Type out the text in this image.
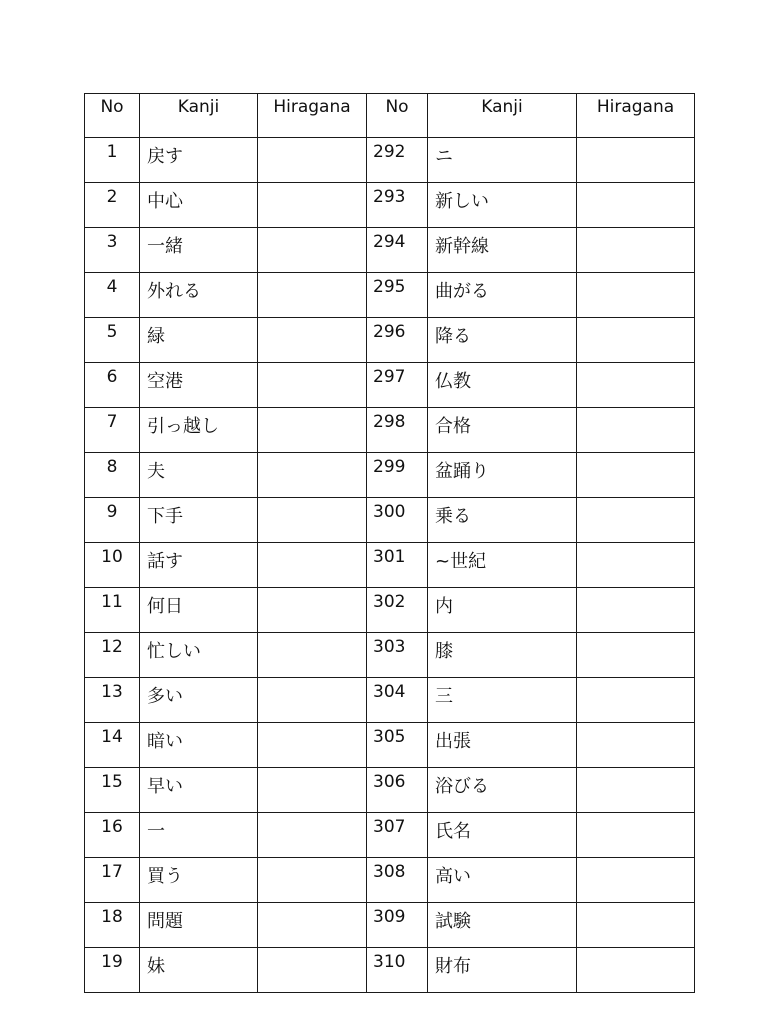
No	Kanji	Hiragana	No	Kanji	Hiragana
1	戻す		292	ニ	
2	中心		293	新しい	
3	一緒		294	新幹線	
4	外れる		295	曲がる	
5	緑		296	降る	
6	空港		297	仏教	
7	引っ越し		298	合格	
8	夫		299	盆踊り	
9	下手		300	乗る	
10	話す		301	~世紀	
11	何日		302	内	
12	忙しい		303	膝	
13	多い		304	三	
14	暗い		305	出張	
15	早い		306	浴びる	
16	一		307	氏名	
17	買う		308	高い	
18	問題		309	試験	
19	妹		310	財布	
